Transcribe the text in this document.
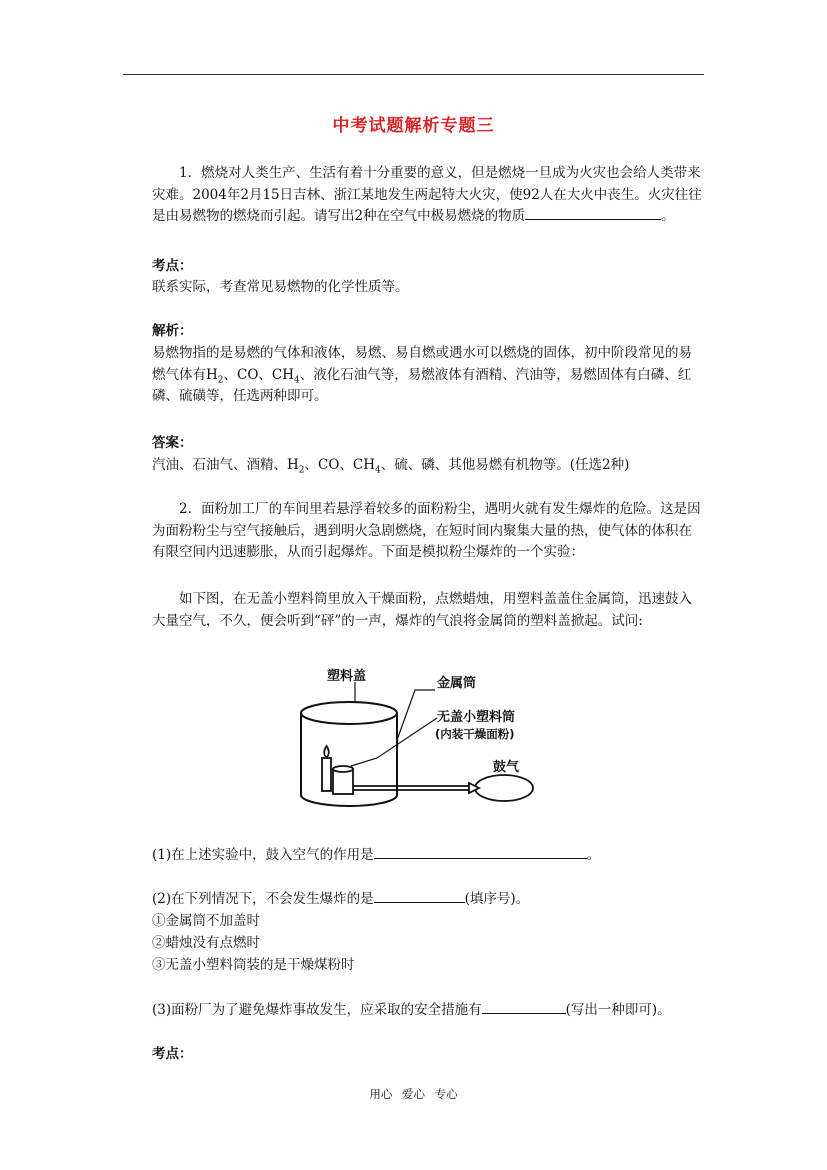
中考试题解析专题三

1．燃烧对人类生产、生活有着十分重要的意义，但是燃烧一旦成为火灾也会给人类带来灾难。2004年2月15日吉林、浙江某地发生两起特大火灾，使92人在大火中丧生。火灾往往是由易燃物的燃烧而引起。请写出2种在空气中极易燃烧的物质	。

考点：

联系实际，考查常见易燃物的化学性质等。

解析：

易燃物指的是易燃的气体和液体，易燃、易自燃或遇水可以燃烧的固体，初中阶段常见的易燃气体有$H_2$、CO、$CH_4$、液化石油气等，易燃液体有酒精、汽油等，易燃固体有白磷、红磷、硫磺等，任选两种即可。

答案：

汽油、石油气、酒精、$H_2$、CO、$CH_4$、硫、磷、其他易燃有机物等。(任选2种)

2．面粉加工厂的车间里若悬浮着较多的面粉粉尘，遇明火就有发生爆炸的危险。这是因为面粉粉尘与空气接触后，遇到明火急剧燃烧，在短时间内聚集大量的热，使气体的体积在有限空间内迅速膨胀，从而引起爆炸。下面是模拟粉尘爆炸的一个实验：

如下图，在无盖小塑料筒里放入干燥面粉，点燃蜡烛，用塑料盖盖住金属筒，迅速鼓入大量空气，不久，便会听到“砰”的一声，爆炸的气浪将金属筒的塑料盖掀起。试问:

塑料盖	金属筒
无盖小塑料筒
(内装干燥面粉)
鼓气

(1)在上述实验中，鼓入空气的作用是	。

(2)在下列情况下，不会发生爆炸的是	(填序号)。

①金属筒不加盖时

②蜡烛没有点燃时

③无盖小塑料筒装的是干燥煤粉时

(3)面粉厂为了避免爆炸事故发生，应采取的安全措施有	(写出一种即可)。

考点：

用心 爱心 专心
